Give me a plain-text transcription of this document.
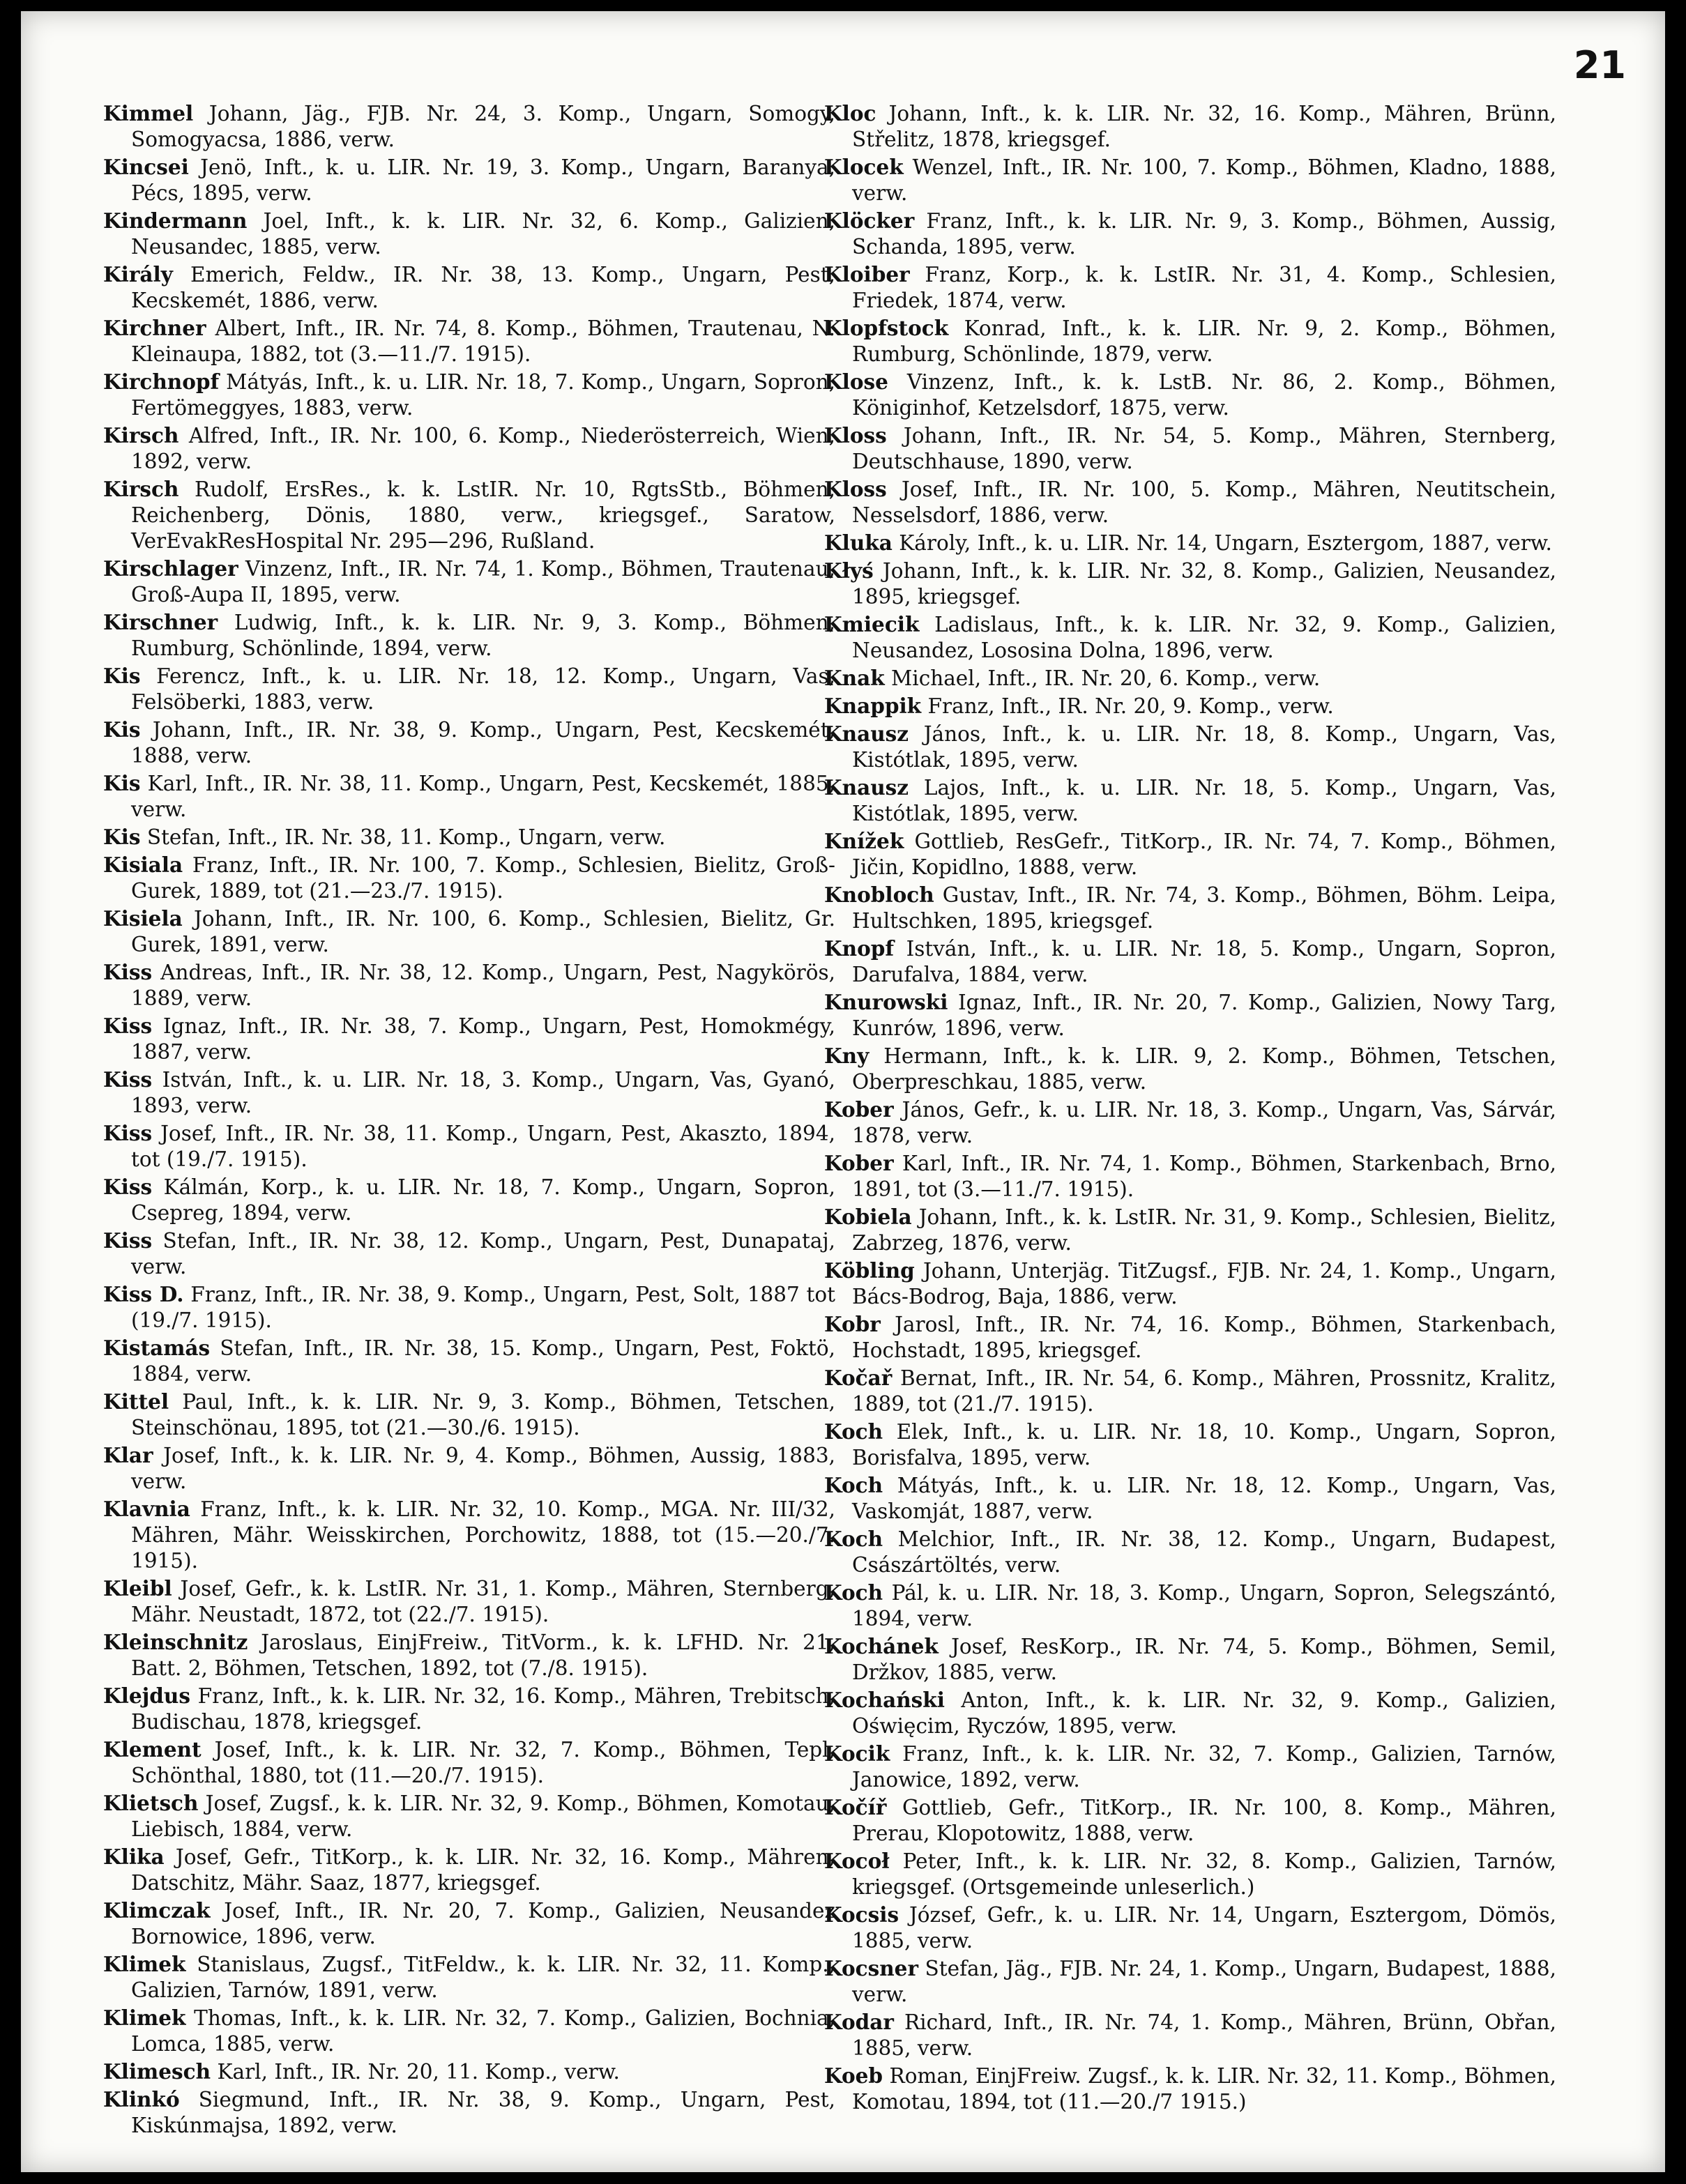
21
Kimmel Johann, Jäg., FJB. Nr. 24, 3. Komp., Ungarn, Somogy, Somogyacsa, 1886, verw.
Kincsei Jenö, Inft., k. u. LIR. Nr. 19, 3. Komp., Ungarn, Baranya, Pécs, 1895, verw.
Kindermann Joel, Inft., k. k. LIR. Nr. 32, 6. Komp., Galizien, Neusandec, 1885, verw.
Király Emerich, Feldw., IR. Nr. 38, 13. Komp., Ungarn, Pest, Kecskemét, 1886, verw.
Kirchner Albert, Inft., IR. Nr. 74, 8. Komp., Böhmen, Trautenau, N. Kleinaupa, 1882, tot (3.—11./7. 1915).
Kirchnopf Mátyás, Inft., k. u. LIR. Nr. 18, 7. Komp., Ungarn, Sopron, Fertömeggyes, 1883, verw.
Kirsch Alfred, Inft., IR. Nr. 100, 6. Komp., Niederösterreich, Wien, 1892, verw.
Kirsch Rudolf, ErsRes., k. k. LstIR. Nr. 10, RgtsStb., Böhmen, Reichenberg, Dönis, 1880, verw., kriegsgef., Saratow, VerEvakResHospital Nr. 295—296, Rußland.
Kirschlager Vinzenz, Inft., IR. Nr. 74, 1. Komp., Böhmen, Trautenau, Groß-Aupa II, 1895, verw.
Kirschner Ludwig, Inft., k. k. LIR. Nr. 9, 3. Komp., Böhmen, Rumburg, Schönlinde, 1894, verw.
Kis Ferencz, Inft., k. u. LIR. Nr. 18, 12. Komp., Ungarn, Vas, Felsöberki, 1883, verw.
Kis Johann, Inft., IR. Nr. 38, 9. Komp., Ungarn, Pest, Kecskemét, 1888, verw.
Kis Karl, Inft., IR. Nr. 38, 11. Komp., Ungarn, Pest, Kecskemét, 1885, verw.
Kis Stefan, Inft., IR. Nr. 38, 11. Komp., Ungarn, verw.
Kisiala Franz, Inft., IR. Nr. 100, 7. Komp., Schlesien, Bielitz, Groß-Gurek, 1889, tot (21.—23./7. 1915).
Kisiela Johann, Inft., IR. Nr. 100, 6. Komp., Schlesien, Bielitz, Gr. Gurek, 1891, verw.
Kiss Andreas, Inft., IR. Nr. 38, 12. Komp., Ungarn, Pest, Nagykörös, 1889, verw.
Kiss Ignaz, Inft., IR. Nr. 38, 7. Komp., Ungarn, Pest, Homokmégy, 1887, verw.
Kiss István, Inft., k. u. LIR. Nr. 18, 3. Komp., Ungarn, Vas, Gyanó, 1893, verw.
Kiss Josef, Inft., IR. Nr. 38, 11. Komp., Ungarn, Pest, Akaszto, 1894, tot (19./7. 1915).
Kiss Kálmán, Korp., k. u. LIR. Nr. 18, 7. Komp., Ungarn, Sopron, Csepreg, 1894, verw.
Kiss Stefan, Inft., IR. Nr. 38, 12. Komp., Ungarn, Pest, Dunapataj, verw.
Kiss D. Franz, Inft., IR. Nr. 38, 9. Komp., Ungarn, Pest, Solt, 1887 tot (19./7. 1915).
Kistamás Stefan, Inft., IR. Nr. 38, 15. Komp., Ungarn, Pest, Foktö, 1884, verw.
Kittel Paul, Inft., k. k. LIR. Nr. 9, 3. Komp., Böhmen, Tetschen, Steinschönau, 1895, tot (21.—30./6. 1915).
Klar Josef, Inft., k. k. LIR. Nr. 9, 4. Komp., Böhmen, Aussig, 1883, verw.
Klavnia Franz, Inft., k. k. LIR. Nr. 32, 10. Komp., MGA. Nr. III/32, Mähren, Mähr. Weisskirchen, Porchowitz, 1888, tot (15.—20./7. 1915).
Kleibl Josef, Gefr., k. k. LstIR. Nr. 31, 1. Komp., Mähren, Sternberg, Mähr. Neustadt, 1872, tot (22./7. 1915).
Kleinschnitz Jaroslaus, EinjFreiw., TitVorm., k. k. LFHD. Nr. 21, Batt. 2, Böhmen, Tetschen, 1892, tot (7./8. 1915).
Klejdus Franz, Inft., k. k. LIR. Nr. 32, 16. Komp., Mähren, Trebitsch, Budischau, 1878, kriegsgef.
Klement Josef, Inft., k. k. LIR. Nr. 32, 7. Komp., Böhmen, Tepl, Schönthal, 1880, tot (11.—20./7. 1915).
Klietsch Josef, Zugsf., k. k. LIR. Nr. 32, 9. Komp., Böhmen, Komotau, Liebisch, 1884, verw.
Klika Josef, Gefr., TitKorp., k. k. LIR. Nr. 32, 16. Komp., Mähren, Datschitz, Mähr. Saaz, 1877, kriegsgef.
Klimczak Josef, Inft., IR. Nr. 20, 7. Komp., Galizien, Neusandez Bornowice, 1896, verw.
Klimek Stanislaus, Zugsf., TitFeldw., k. k. LIR. Nr. 32, 11. Komp., Galizien, Tarnów, 1891, verw.
Klimek Thomas, Inft., k. k. LIR. Nr. 32, 7. Komp., Galizien, Bochnia, Lomca, 1885, verw.
Klimesch Karl, Inft., IR. Nr. 20, 11. Komp., verw.
Klinkó Siegmund, Inft., IR. Nr. 38, 9. Komp., Ungarn, Pest, Kiskúnmajsa, 1892, verw.
Kloc Johann, Inft., k. k. LIR. Nr. 32, 16. Komp., Mähren, Brünn, Střelitz, 1878, kriegsgef.
Klocek Wenzel, Inft., IR. Nr. 100, 7. Komp., Böhmen, Kladno, 1888, verw.
Klöcker Franz, Inft., k. k. LIR. Nr. 9, 3. Komp., Böhmen, Aussig, Schanda, 1895, verw.
Kloiber Franz, Korp., k. k. LstIR. Nr. 31, 4. Komp., Schlesien, Friedek, 1874, verw.
Klopfstock Konrad, Inft., k. k. LIR. Nr. 9, 2. Komp., Böhmen, Rumburg, Schönlinde, 1879, verw.
Klose Vinzenz, Inft., k. k. LstB. Nr. 86, 2. Komp., Böhmen, Königinhof, Ketzelsdorf, 1875, verw.
Kloss Johann, Inft., IR. Nr. 54, 5. Komp., Mähren, Sternberg, Deutschhause, 1890, verw.
Kloss Josef, Inft., IR. Nr. 100, 5. Komp., Mähren, Neutitschein, Nesselsdorf, 1886, verw.
Kluka Károly, Inft., k. u. LIR. Nr. 14, Ungarn, Esztergom, 1887, verw.
Kłyś Johann, Inft., k. k. LIR. Nr. 32, 8. Komp., Galizien, Neusandez, 1895, kriegsgef.
Kmiecik Ladislaus, Inft., k. k. LIR. Nr. 32, 9. Komp., Galizien, Neusandez, Lososina Dolna, 1896, verw.
Knak Michael, Inft., IR. Nr. 20, 6. Komp., verw.
Knappik Franz, Inft., IR. Nr. 20, 9. Komp., verw.
Knausz János, Inft., k. u. LIR. Nr. 18, 8. Komp., Ungarn, Vas, Kistótlak, 1895, verw.
Knausz Lajos, Inft., k. u. LIR. Nr. 18, 5. Komp., Ungarn, Vas, Kistótlak, 1895, verw.
Knížek Gottlieb, ResGefr., TitKorp., IR. Nr. 74, 7. Komp., Böhmen, Jičin, Kopidlno, 1888, verw.
Knobloch Gustav, Inft., IR. Nr. 74, 3. Komp., Böhmen, Böhm. Leipa, Hultschken, 1895, kriegsgef.
Knopf István, Inft., k. u. LIR. Nr. 18, 5. Komp., Ungarn, Sopron, Darufalva, 1884, verw.
Knurowski Ignaz, Inft., IR. Nr. 20, 7. Komp., Galizien, Nowy Targ, Kunrów, 1896, verw.
Kny Hermann, Inft., k. k. LIR. 9, 2. Komp., Böhmen, Tetschen, Oberpreschkau, 1885, verw.
Kober János, Gefr., k. u. LIR. Nr. 18, 3. Komp., Ungarn, Vas, Sárvár, 1878, verw.
Kober Karl, Inft., IR. Nr. 74, 1. Komp., Böhmen, Starkenbach, Brno, 1891, tot (3.—11./7. 1915).
Kobiela Johann, Inft., k. k. LstIR. Nr. 31, 9. Komp., Schlesien, Bielitz, Zabrzeg, 1876, verw.
Köbling Johann, Unterjäg. TitZugsf., FJB. Nr. 24, 1. Komp., Ungarn, Bács-Bodrog, Baja, 1886, verw.
Kobr Jarosl, Inft., IR. Nr. 74, 16. Komp., Böhmen, Starkenbach, Hochstadt, 1895, kriegsgef.
Kočař Bernat, Inft., IR. Nr. 54, 6. Komp., Mähren, Prossnitz, Kralitz, 1889, tot (21./7. 1915).
Koch Elek, Inft., k. u. LIR. Nr. 18, 10. Komp., Ungarn, Sopron, Borisfalva, 1895, verw.
Koch Mátyás, Inft., k. u. LIR. Nr. 18, 12. Komp., Ungarn, Vas, Vaskomját, 1887, verw.
Koch Melchior, Inft., IR. Nr. 38, 12. Komp., Ungarn, Budapest, Császártöltés, verw.
Koch Pál, k. u. LIR. Nr. 18, 3. Komp., Ungarn, Sopron, Selegszántó, 1894, verw.
Kochánek Josef, ResKorp., IR. Nr. 74, 5. Komp., Böhmen, Semil, Držkov, 1885, verw.
Kochański Anton, Inft., k. k. LIR. Nr. 32, 9. Komp., Galizien, Oświęcim, Ryczów, 1895, verw.
Kocik Franz, Inft., k. k. LIR. Nr. 32, 7. Komp., Galizien, Tarnów, Janowice, 1892, verw.
Kočíř Gottlieb, Gefr., TitKorp., IR. Nr. 100, 8. Komp., Mähren, Prerau, Klopotowitz, 1888, verw.
Kocoł Peter, Inft., k. k. LIR. Nr. 32, 8. Komp., Galizien, Tarnów, kriegsgef. (Ortsgemeinde unleserlich.)
Kocsis József, Gefr., k. u. LIR. Nr. 14, Ungarn, Esztergom, Dömös, 1885, verw.
Kocsner Stefan, Jäg., FJB. Nr. 24, 1. Komp., Ungarn, Budapest, 1888, verw.
Kodar Richard, Inft., IR. Nr. 74, 1. Komp., Mähren, Brünn, Obřan, 1885, verw.
Koeb Roman, EinjFreiw. Zugsf., k. k. LIR. Nr. 32, 11. Komp., Böhmen, Komotau, 1894, tot (11.—20./7 1915.)
